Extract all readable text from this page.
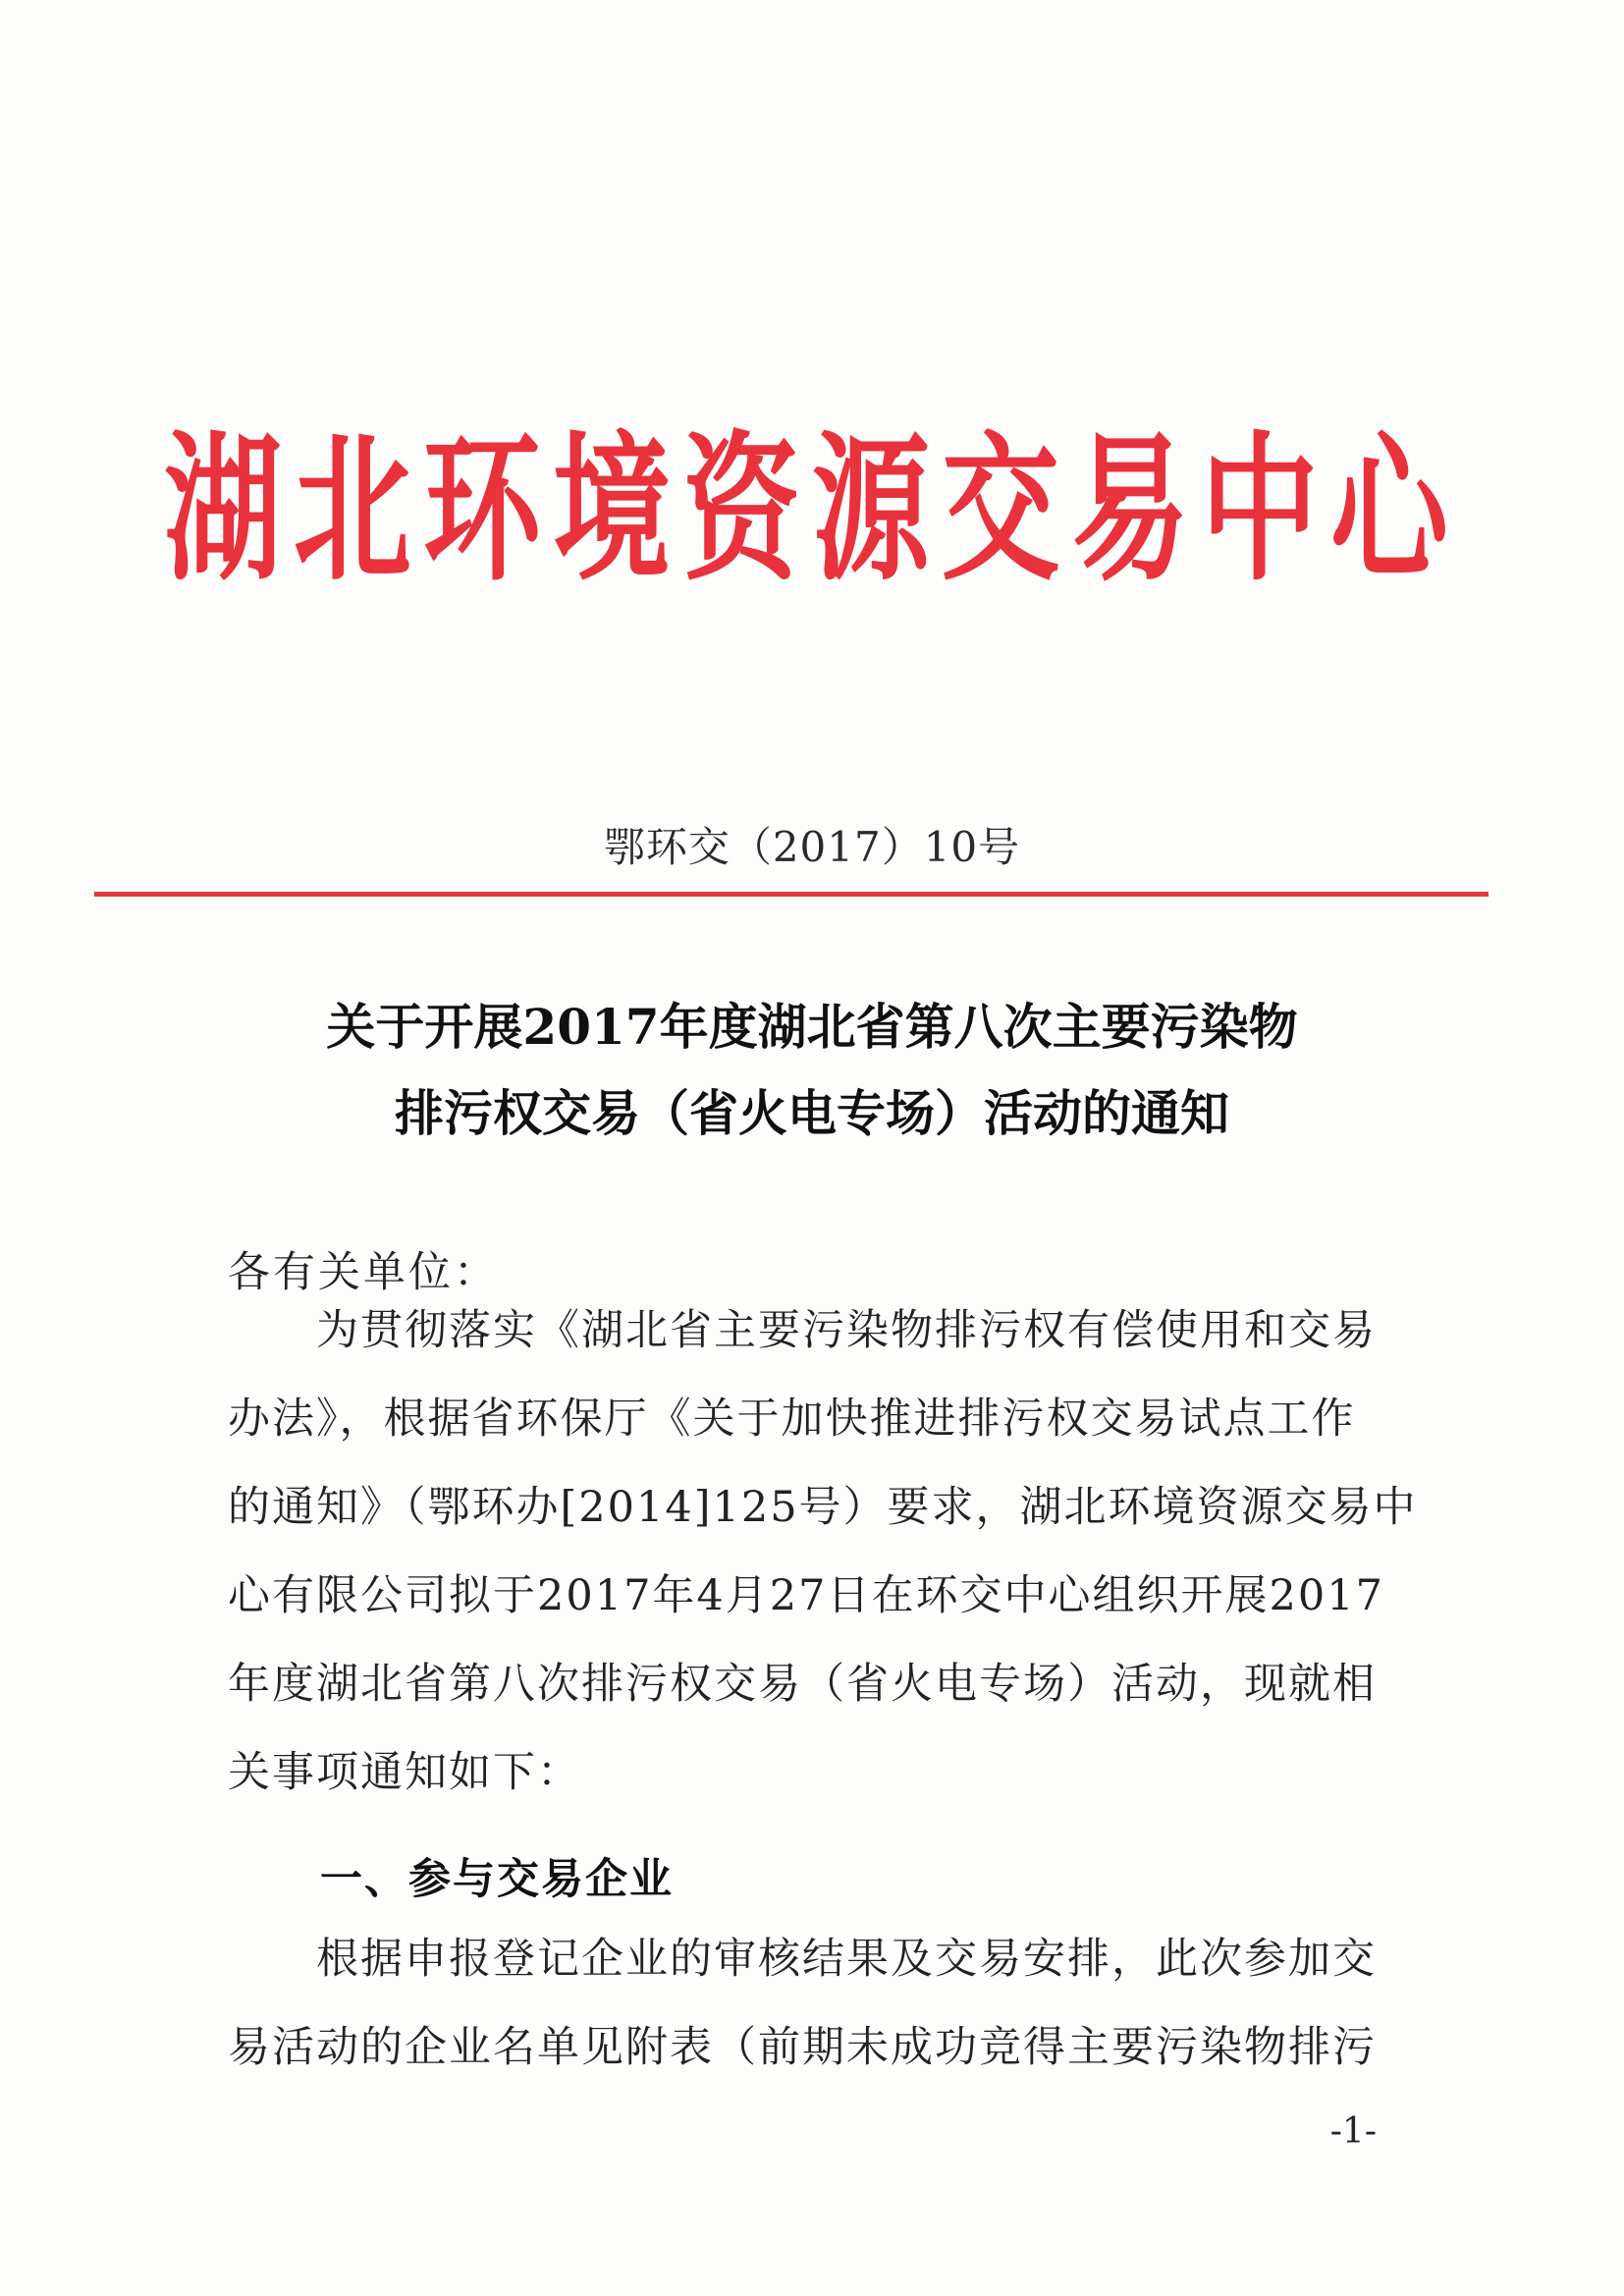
湖北环境资源交易中心
鄂环交（2017）10号
关于开展2017年度湖北省第八次主要污染物
排污权交易（省火电专场）活动的通知
各有关单位：
　　为贯彻落实《湖北省主要污染物排污权有偿使用和交易
办法》，根据省环保厅《关于加快推进排污权交易试点工作
的通知》（鄂环办[2014]125号）要求，湖北环境资源交易中
心有限公司拟于2017年4月27日在环交中心组织开展2017
年度湖北省第八次排污权交易（省火电专场）活动，现就相
关事项通知如下：
一、参与交易企业
　　根据申报登记企业的审核结果及交易安排，此次参加交
易活动的企业名单见附表（前期未成功竞得主要污染物排污
-1-
